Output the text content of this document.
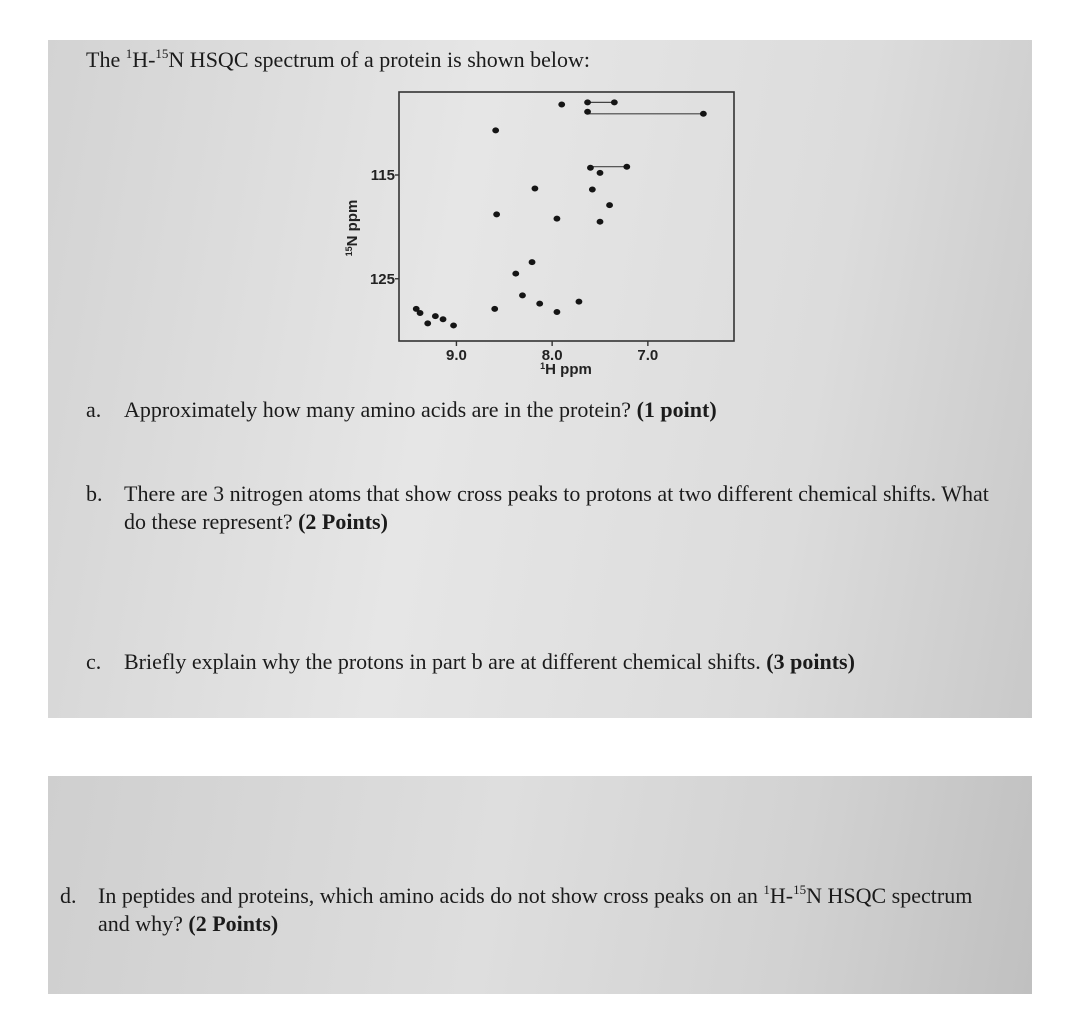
The $^1$H-$^{15}$N HSQC spectrum of a protein is shown below:
9.0	8.0	7.0
115
125
$^{15}$N ppm
$^1$H ppm
a. Approximately how many amino acids are in the protein? (1 point)
b. There are 3 nitrogen atoms that show cross peaks to protons at two different chemical shifts. What do these represent? (2 Points)
c. Briefly explain why the protons in part b are at different chemical shifts. (3 points)
d. In peptides and proteins, which amino acids do not show cross peaks on an $^1$H-$^{15}$N HSQC spectrum and why? (2 Points)
